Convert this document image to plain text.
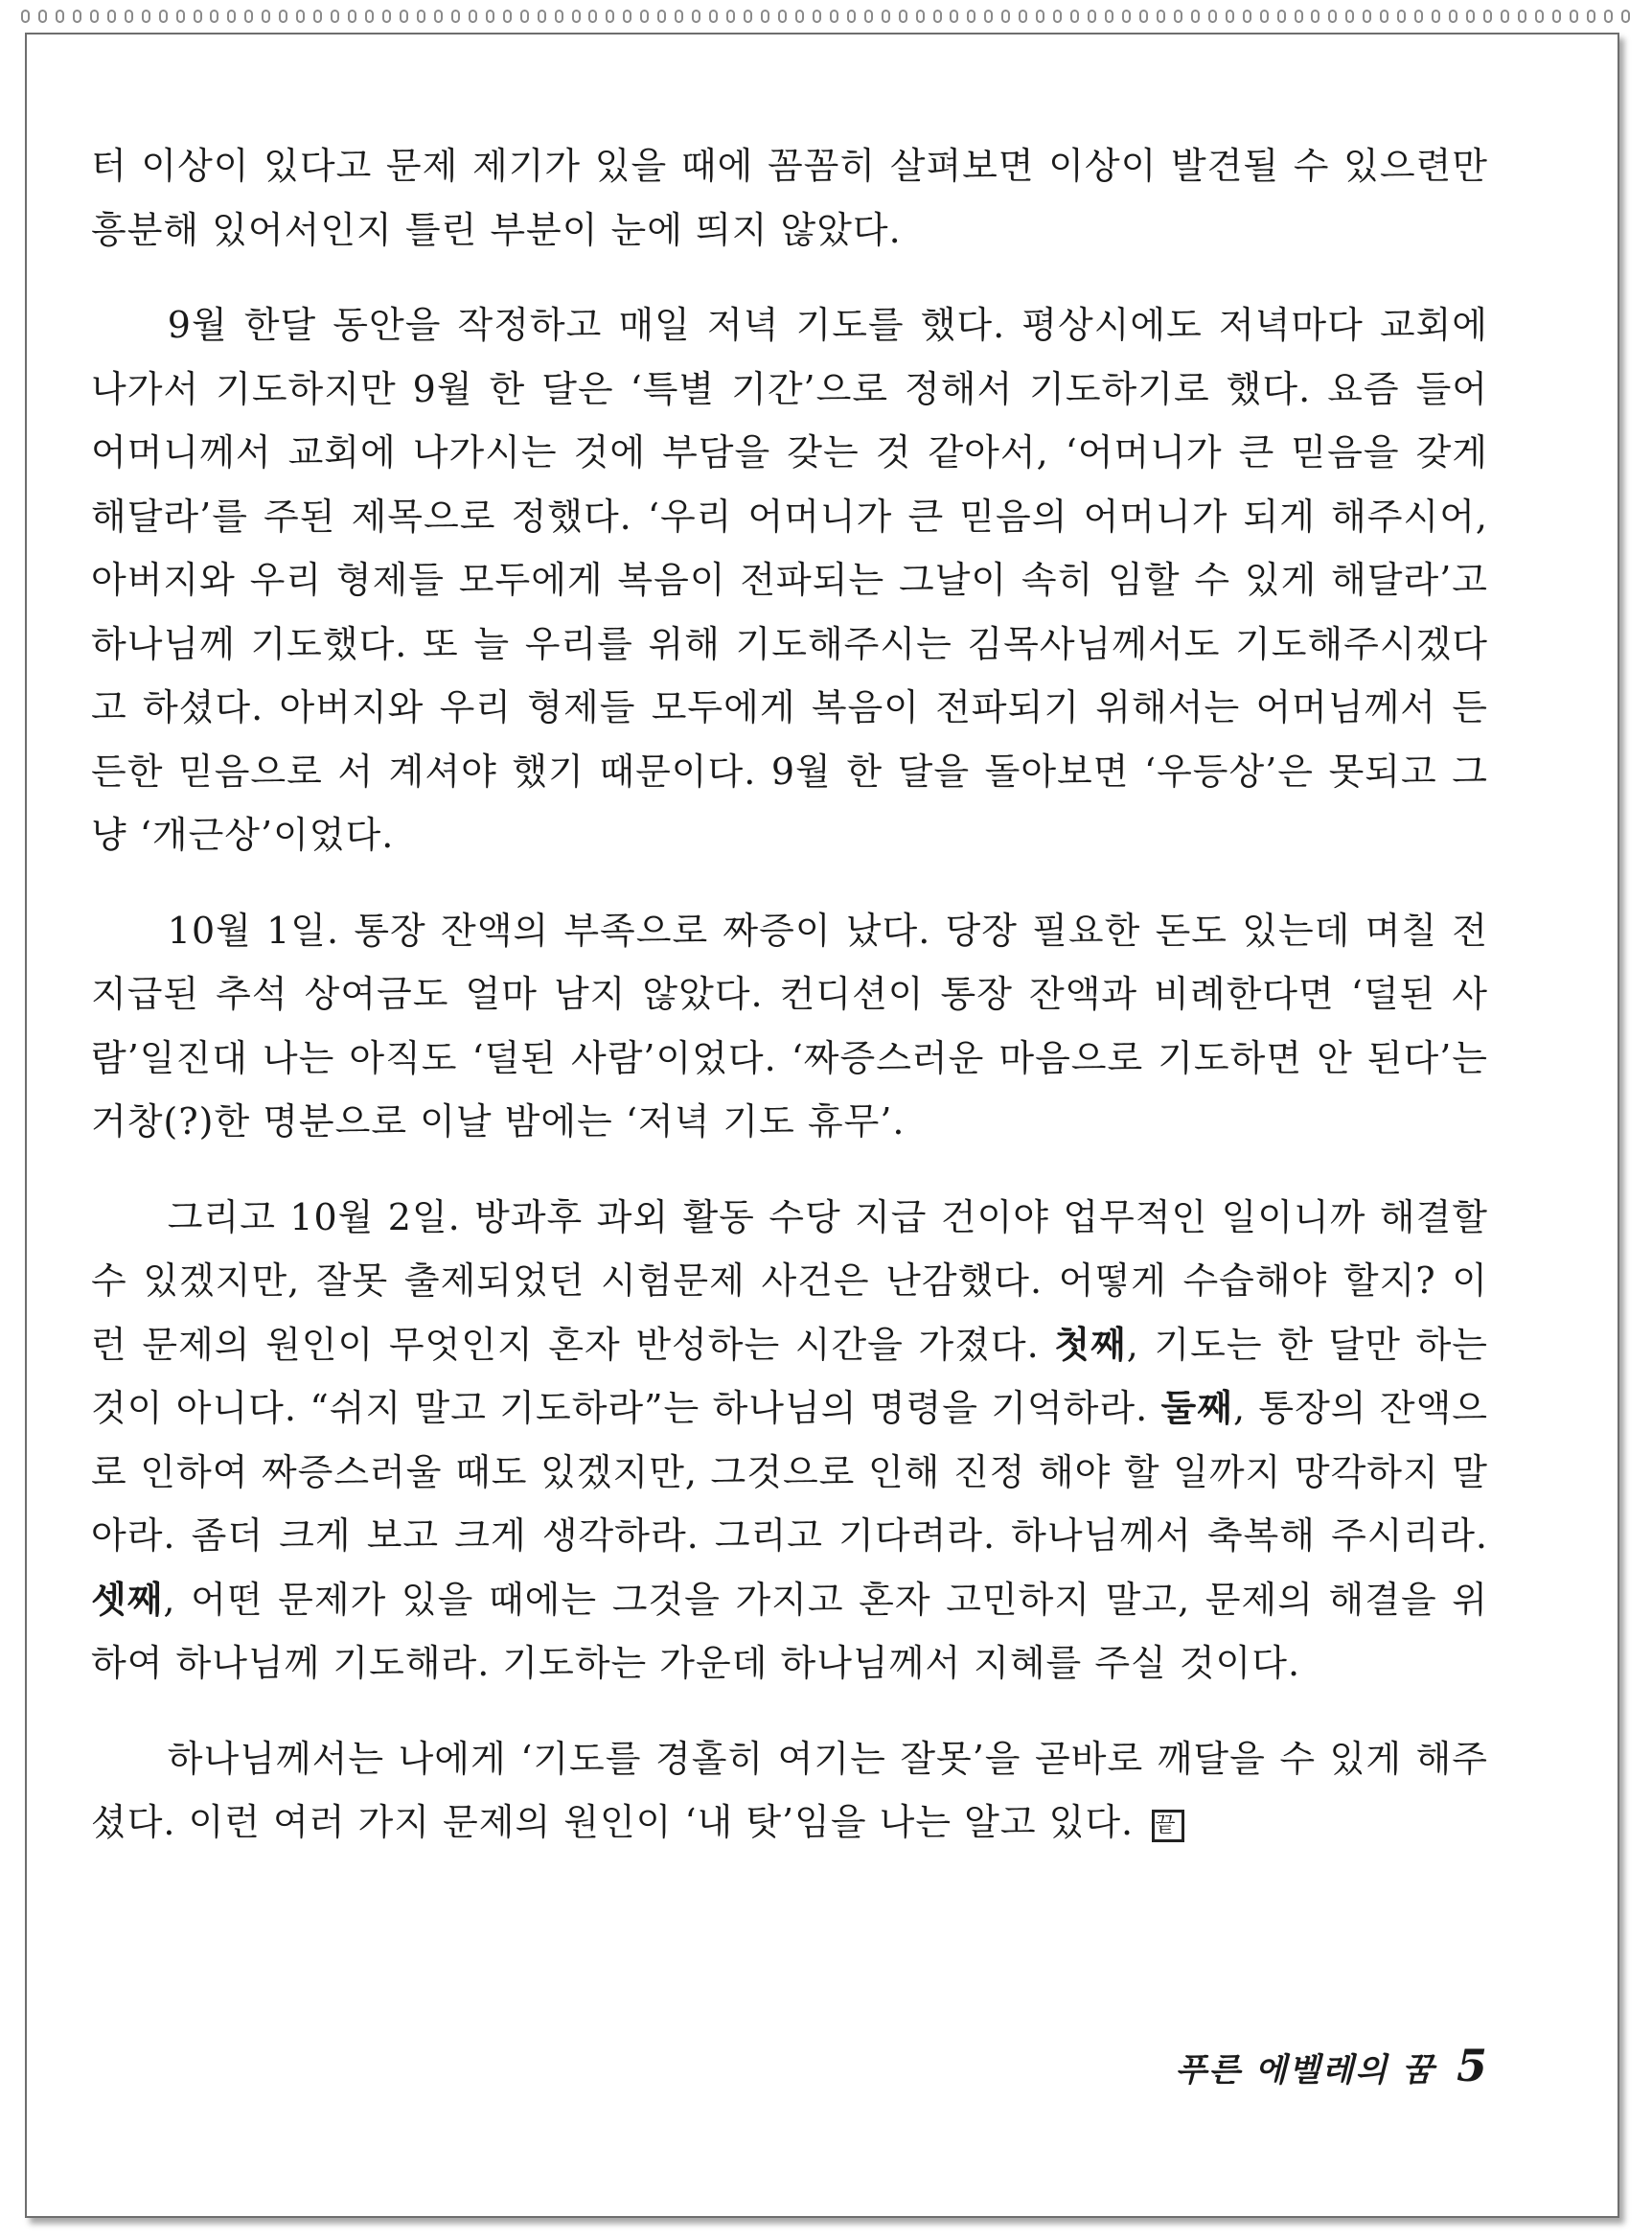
터 이상이 있다고 문제 제기가 있을 때에 꼼꼼히 살펴보면 이상이 발견될 수 있으련만 흥분해 있어서인지 틀린 부분이 눈에 띄지 않았다.

9월 한달 동안을 작정하고 매일 저녁 기도를 했다. 평상시에도 저녁마다 교회에 나가서 기도하지만 9월 한 달은 ‘특별 기간’으로 정해서 기도하기로 했다. 요즘 들어 어머니께서 교회에 나가시는 것에 부담을 갖는 것 같아서, ‘어머니가 큰 믿음을 갖게 해달라’를 주된 제목으로 정했다. ‘우리 어머니가 큰 믿음의 어머니가 되게 해주시어, 아버지와 우리 형제들 모두에게 복음이 전파되는 그날이 속히 임할 수 있게 해달라’고 하나님께 기도했다. 또 늘 우리를 위해 기도해주시는 김목사님께서도 기도해주시겠다고 하셨다. 아버지와 우리 형제들 모두에게 복음이 전파되기 위해서는 어머님께서 든든한 믿음으로 서 계셔야 했기 때문이다. 9월 한 달을 돌아보면 ‘우등상’은 못되고 그냥 ‘개근상’이었다.

10월 1일. 통장 잔액의 부족으로 짜증이 났다. 당장 필요한 돈도 있는데 며칠 전 지급된 추석 상여금도 얼마 남지 않았다. 컨디션이 통장 잔액과 비례한다면 ‘덜된 사람’일진대 나는 아직도 ‘덜된 사람’이었다. ‘짜증스러운 마음으로 기도하면 안 된다’는 거창(?)한 명분으로 이날 밤에는 ‘저녁 기도 휴무’.

그리고 10월 2일. 방과후 과외 활동 수당 지급 건이야 업무적인 일이니까 해결할 수 있겠지만, 잘못 출제되었던 시험문제 사건은 난감했다. 어떻게 수습해야 할지? 이런 문제의 원인이 무엇인지 혼자 반성하는 시간을 가졌다. 첫째, 기도는 한 달만 하는 것이 아니다. “쉬지 말고 기도하라”는 하나님의 명령을 기억하라. 둘째, 통장의 잔액으로 인하여 짜증스러울 때도 있겠지만, 그것으로 인해 진정 해야 할 일까지 망각하지 말아라. 좀더 크게 보고 크게 생각하라. 그리고 기다려라. 하나님께서 축복해 주시리라. 셋째, 어떤 문제가 있을 때에는 그것을 가지고 혼자 고민하지 말고, 문제의 해결을 위하여 하나님께 기도해라. 기도하는 가운데 하나님께서 지혜를 주실 것이다.

하나님께서는 나에게 ‘기도를 경홀히 여기는 잘못’을 곧바로 깨달을 수 있게 해주셨다. 이런 여러 가지 문제의 원인이 ‘내 탓’임을 나는 알고 있다. 끝

푸른 에벨레의 꿈 5
